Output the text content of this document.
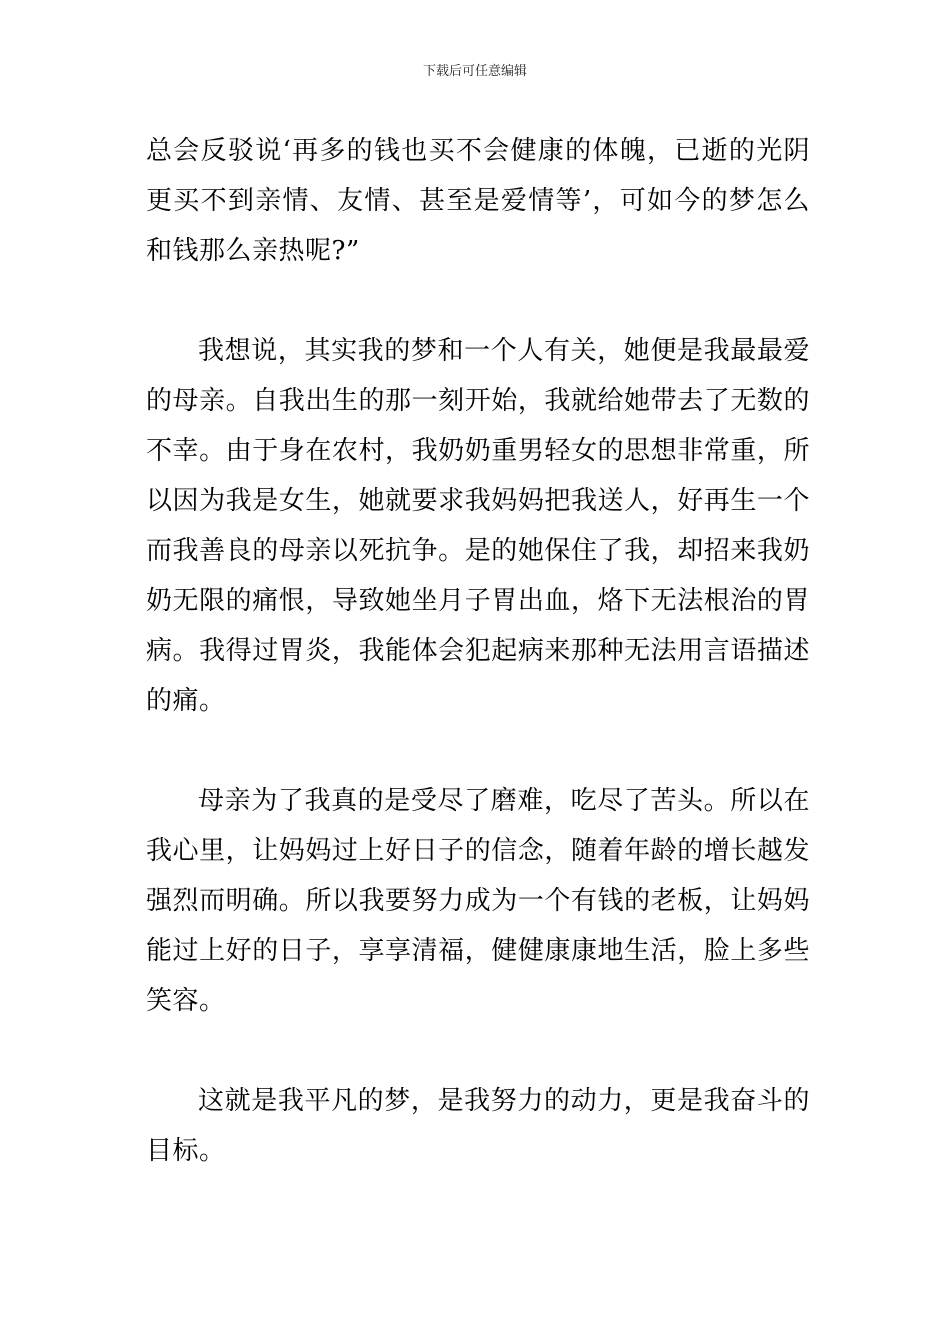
下载后可任意编辑

总会反驳说‘再多的钱也买不会健康的体魄，已逝的光阴更买不到亲情、友情、甚至是爱情等’，可如今的梦怎么和钱那么亲热呢?”

我想说，其实我的梦和一个人有关，她便是我最最爱的母亲。自我出生的那一刻开始，我就给她带去了无数的不幸。由于身在农村，我奶奶重男轻女的思想非常重，所以因为我是女生，她就要求我妈妈把我送人，好再生一个而我善良的母亲以死抗争。是的她保住了我，却招来我奶奶无限的痛恨，导致她坐月子胃出血，烙下无法根治的胃病。我得过胃炎，我能体会犯起病来那种无法用言语描述的痛。

母亲为了我真的是受尽了磨难，吃尽了苦头。所以在我心里，让妈妈过上好日子的信念，随着年龄的增长越发强烈而明确。所以我要努力成为一个有钱的老板，让妈妈能过上好的日子，享享清福，健健康康地生活，脸上多些笑容。

这就是我平凡的梦，是我努力的动力，更是我奋斗的目标。
